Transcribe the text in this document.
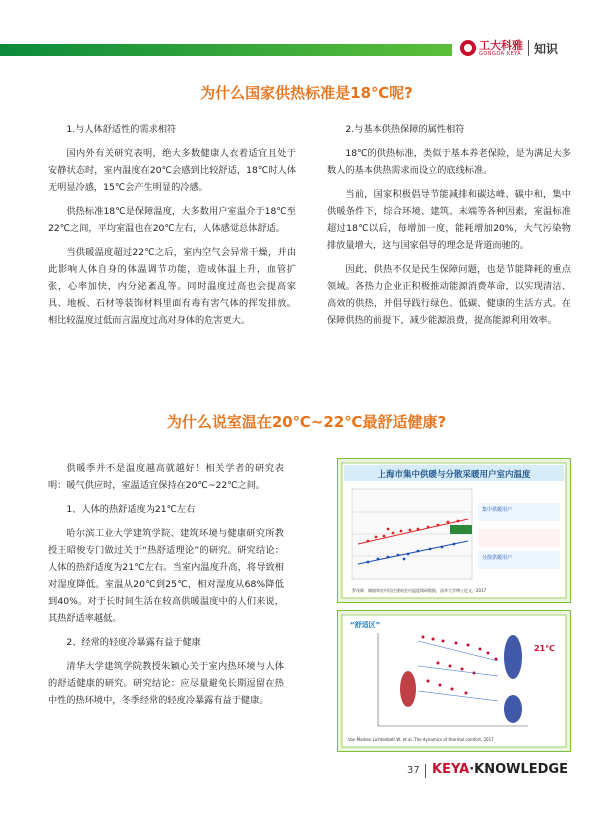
工大科雅
GONGDA KEYA 知识
为什么国家供热标准是18℃呢?

1.与人体舒适性的需求相符

国内外有关研究表明，绝大多数健康人衣着适宜且处于安静状态时，室内温度在20℃会感到比较舒适，18℃时人体无明显冷感，15℃会产生明显的冷感。

供热标准18℃是保障温度，大多数用户室温介于18℃至22℃之间，平均室温也在20℃左右，人体感觉总体舒适。

当供暖温度超过22℃之后，室内空气会异常干燥，并由此影响人体自身的体温调节功能，造成体温上升，血管扩张，心率加快，内分泌紊乱等。同时温度过高也会提高家具、地板、石材等装饰材料里面有毒有害气体的挥发排放。相比较温度过低而言温度过高对身体的危害更大。

2.与基本供热保障的属性相符

18℃的供热标准，类似于基本养老保险，是为满足大多数人的基本供热需求而设立的底线标准。

当前，国家积极倡导节能减排和碳达峰、碳中和，集中供暖条件下，综合环境、建筑、末端等各种因素，室温标准超过18℃以后，每增加一度，能耗增加20%，大气污染物排放量增大，这与国家倡导的理念是背道而驰的。

因此，供热不仅是民生保障问题，也是节能降耗的重点领域。各热力企业正积极推动能源消费革命，以实现清洁、高效的供热，并倡导践行绿色、低碳、健康的生活方式。在保障供热的前提下，减少能源浪费，提高能源利用效率。

为什么说室温在20℃~22℃最舒适健康?

供暖季并不是温度越高就越好！相关学者的研究表明：暖气供应时，室温适宜保持在20℃~22℃之间。

1、人体的热舒适度为21℃左右

哈尔滨工业大学建筑学院、建筑环境与健康研究所教授王昭俊专门做过关于“热舒适理论”的研究。研究结论：人体的热舒适度为21℃左右。当室内温度升高，将导致相对湿度降低。室温从20℃到25℃，相对湿度从68%降低到40%。对于长时间生活在较高供暖温度中的人们来说，其热舒适率越低。

2、经常的轻度冷暴露有益于健康

清华大学建筑学院教授朱颖心关于室内热环境与人体的舒适健康的研究。研究结论：应尽量避免长期逗留在热中性的热环境中，冬季经常的轻度冷暴露有益于健康。

上海市集中供暖与分散采暖用户室内温度
集中供暖用户
分散供暖用户
罗茂辉：城镇和农村居住建筑室内温度调研数据，清华大学博士论文，2017
“舒适区”
21℃
Van Marken Lichtenbelt W, et al. The dynamics of thermal comfort, 2017
37 KEYA·KNOWLEDGE
